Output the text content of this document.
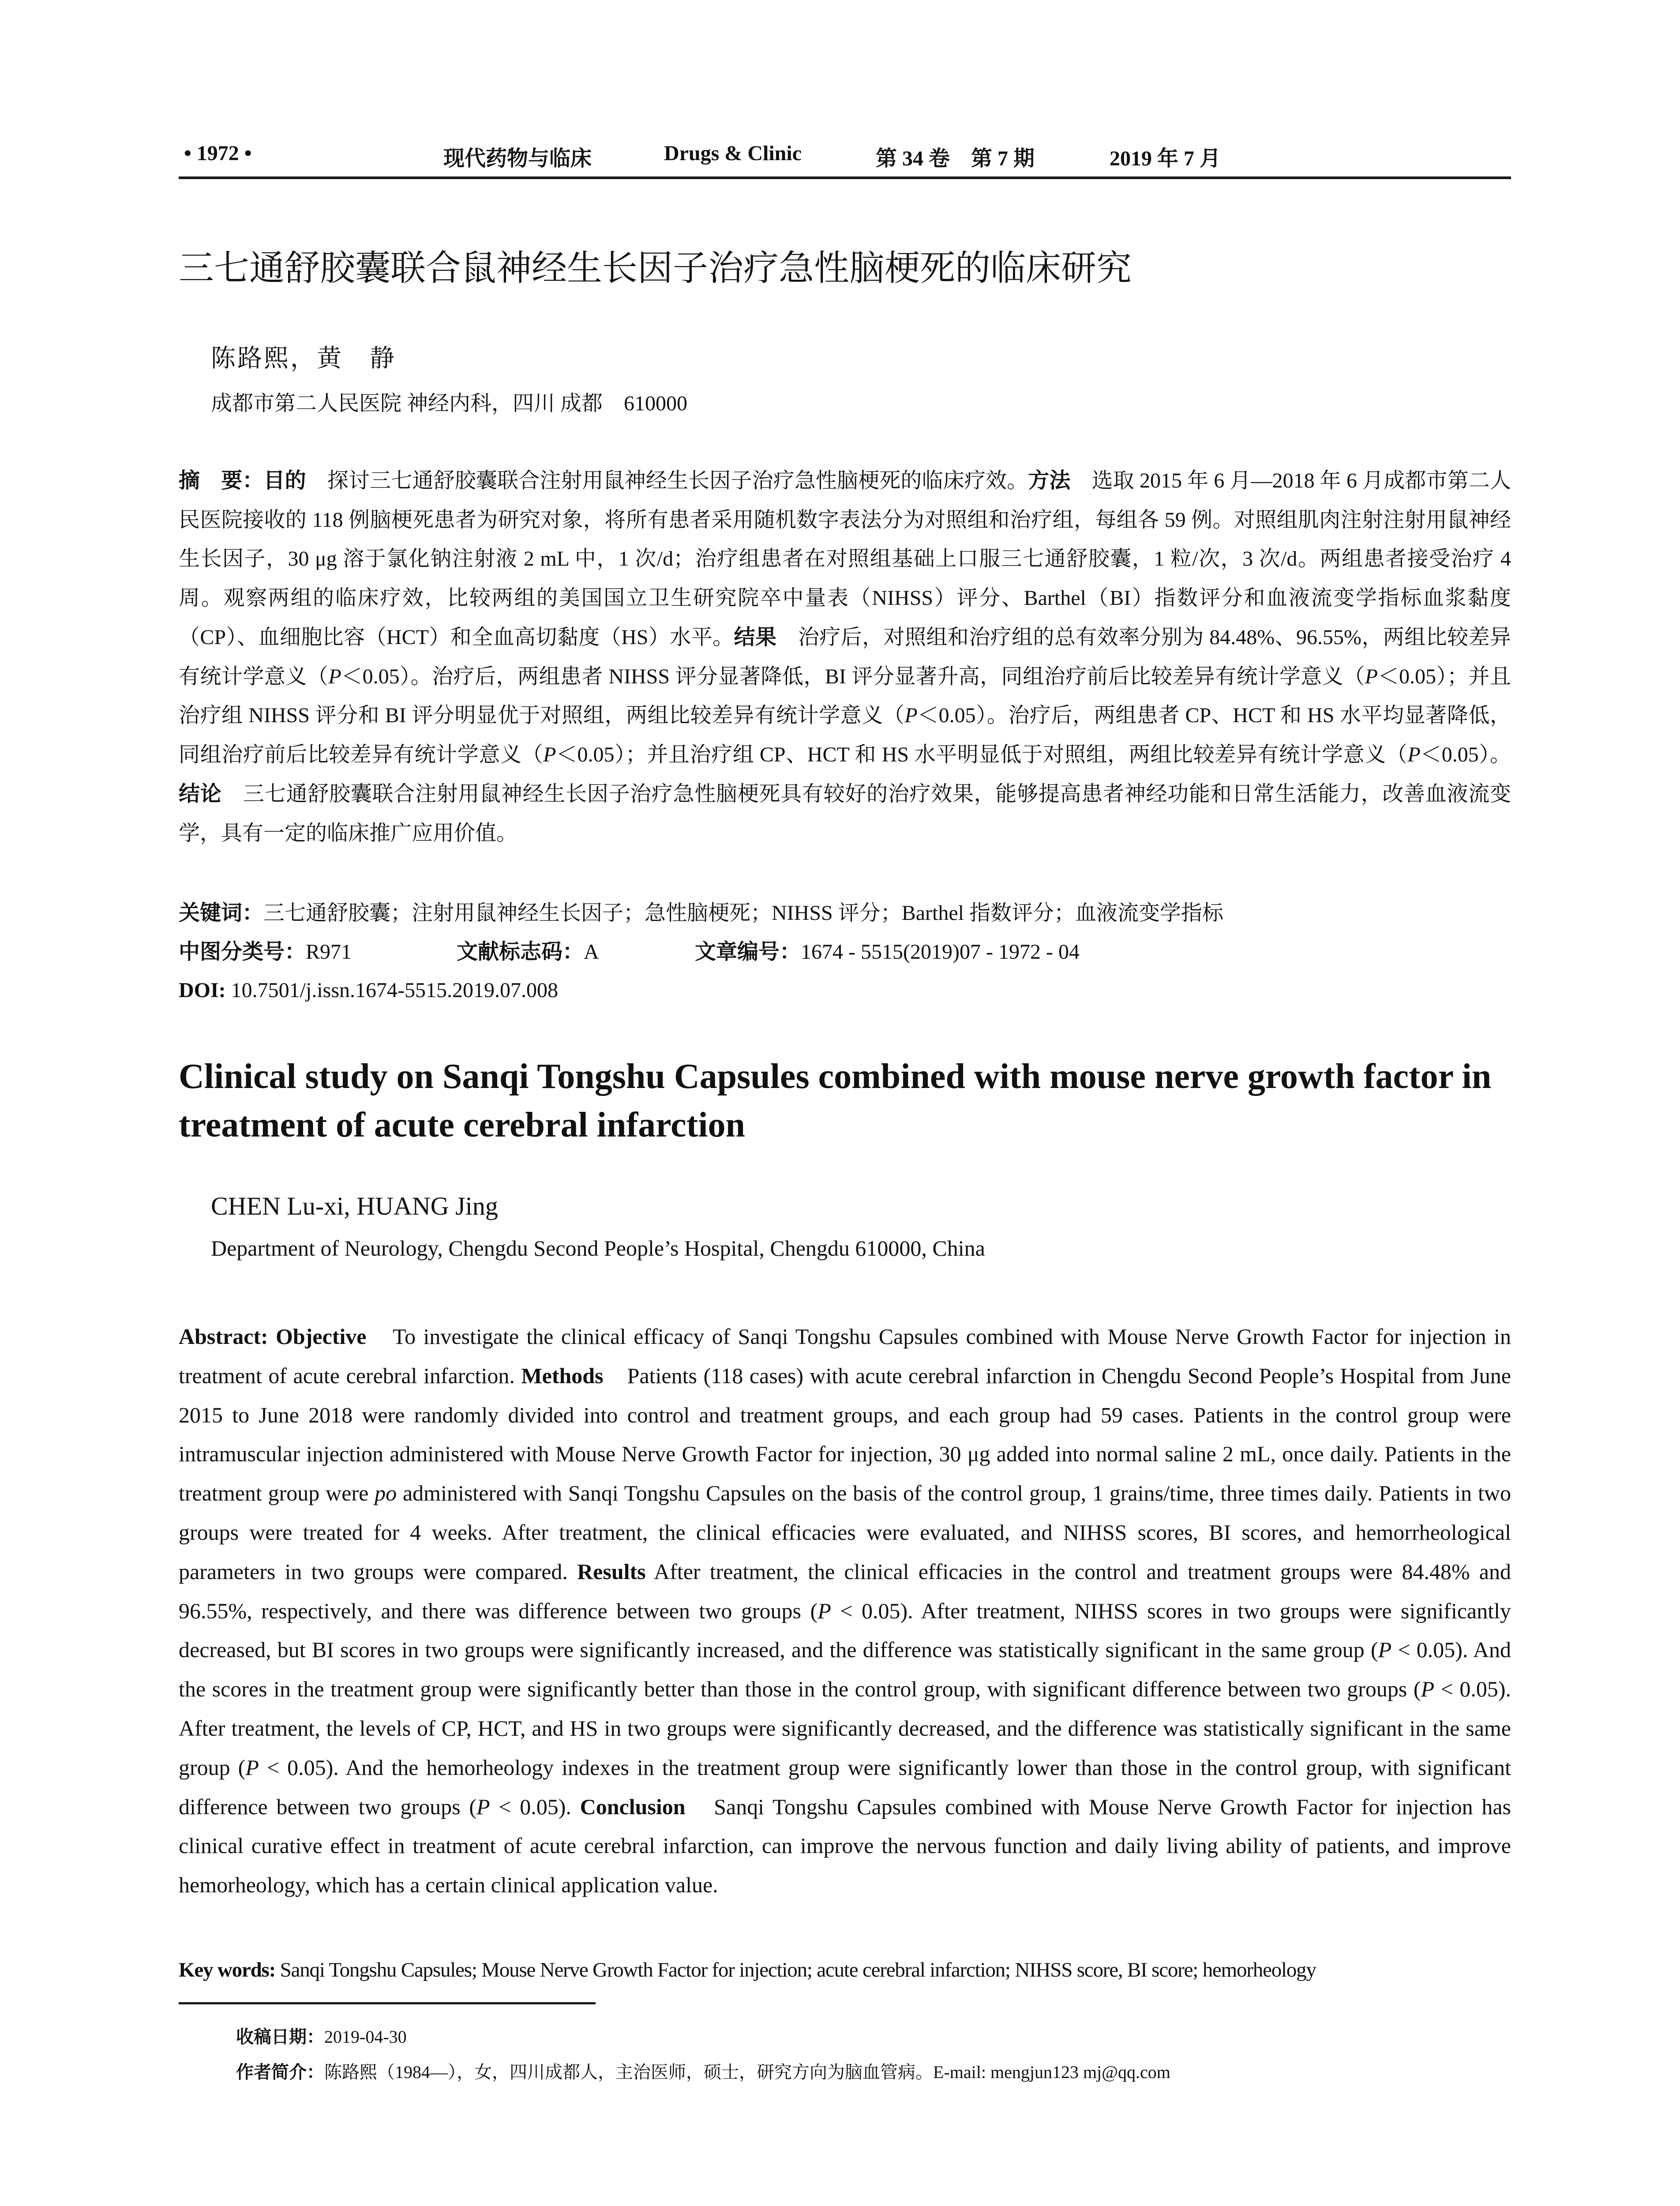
• 1972 •	现代药物与临床	Drugs & Clinic	第 34 卷　第 7 期	2019 年 7 月
三七通舒胶囊联合鼠神经生长因子治疗急性脑梗死的临床研究
陈路熙，黄　静
成都市第二人民医院 神经内科，四川 成都　610000
摘　要：目的　探讨三七通舒胶囊联合注射用鼠神经生长因子治疗急性脑梗死的临床疗效。方法　选取 2015 年 6 月—2018 年 6 月成都市第二人民医院接收的 118 例脑梗死患者为研究对象，将所有患者采用随机数字表法分为对照组和治疗组，每组各 59 例。对照组肌肉注射注射用鼠神经生长因子，30 μg 溶于氯化钠注射液 2 mL 中，1 次/d；治疗组患者在对照组基础上口服三七通舒胶囊，1 粒/次，3 次/d。两组患者接受治疗 4 周。观察两组的临床疗效，比较两组的美国国立卫生研究院卒中量表（NIHSS）评分、Barthel（BI）指数评分和血液流变学指标血浆黏度（CP）、血细胞比容（HCT）和全血高切黏度（HS）水平。结果　治疗后，对照组和治疗组的总有效率分别为 84.48%、96.55%，两组比较差异有统计学意义（P＜0.05）。治疗后，两组患者 NIHSS 评分显著降低，BI 评分显著升高，同组治疗前后比较差异有统计学意义（P＜0.05）；并且治疗组 NIHSS 评分和 BI 评分明显优于对照组，两组比较差异有统计学意义（P＜0.05）。治疗后，两组患者 CP、HCT 和 HS 水平均显著降低，同组治疗前后比较差异有统计学意义（P＜0.05）；并且治疗组 CP、HCT 和 HS 水平明显低于对照组，两组比较差异有统计学意义（P＜0.05）。结论　三七通舒胶囊联合注射用鼠神经生长因子治疗急性脑梗死具有较好的治疗效果，能够提高患者神经功能和日常生活能力，改善血液流变学，具有一定的临床推广应用价值。
关键词：三七通舒胶囊；注射用鼠神经生长因子；急性脑梗死；NIHSS 评分；Barthel 指数评分；血液流变学指标
中图分类号：R971	文献标志码：A	文章编号：1674 - 5515(2019)07 - 1972 - 04
DOI: 10.7501/j.issn.1674-5515.2019.07.008
Clinical study on Sanqi Tongshu Capsules combined with mouse nerve growth factor in treatment of acute cerebral infarction
CHEN Lu-xi, HUANG Jing
Department of Neurology, Chengdu Second People’s Hospital, Chengdu 610000, China
Abstract: Objective　To investigate the clinical efficacy of Sanqi Tongshu Capsules combined with Mouse Nerve Growth Factor for injection in treatment of acute cerebral infarction. Methods　Patients (118 cases) with acute cerebral infarction in Chengdu Second People’s Hospital from June 2015 to June 2018 were randomly divided into control and treatment groups, and each group had 59 cases. Patients in the control group were intramuscular injection administered with Mouse Nerve Growth Factor for injection, 30 μg added into normal saline 2 mL, once daily. Patients in the treatment group were po administered with Sanqi Tongshu Capsules on the basis of the control group, 1 grains/time, three times daily. Patients in two groups were treated for 4 weeks. After treatment, the clinical efficacies were evaluated, and NIHSS scores, BI scores, and hemorrheological parameters in two groups were compared. Results After treatment, the clinical efficacies in the control and treatment groups were 84.48% and 96.55%, respectively, and there was difference between two groups (P < 0.05). After treatment, NIHSS scores in two groups were significantly decreased, but BI scores in two groups were significantly increased, and the difference was statistically significant in the same group (P < 0.05). And the scores in the treatment group were significantly better than those in the control group, with significant difference between two groups (P < 0.05). After treatment, the levels of CP, HCT, and HS in two groups were significantly decreased, and the difference was statistically significant in the same group (P < 0.05). And the hemorheology indexes in the treatment group were significantly lower than those in the control group, with significant difference between two groups (P < 0.05). Conclusion　Sanqi Tongshu Capsules combined with Mouse Nerve Growth Factor for injection has clinical curative effect in treatment of acute cerebral infarction, can improve the nervous function and daily living ability of patients, and improve hemorheology, which has a certain clinical application value.
Key words: Sanqi Tongshu Capsules; Mouse Nerve Growth Factor for injection; acute cerebral infarction; NIHSS score, BI score; hemorheology
收稿日期：2019-04-30
作者简介：陈路熙（1984—），女，四川成都人，主治医师，硕士，研究方向为脑血管病。E-mail: mengjun123 mj@qq.com
